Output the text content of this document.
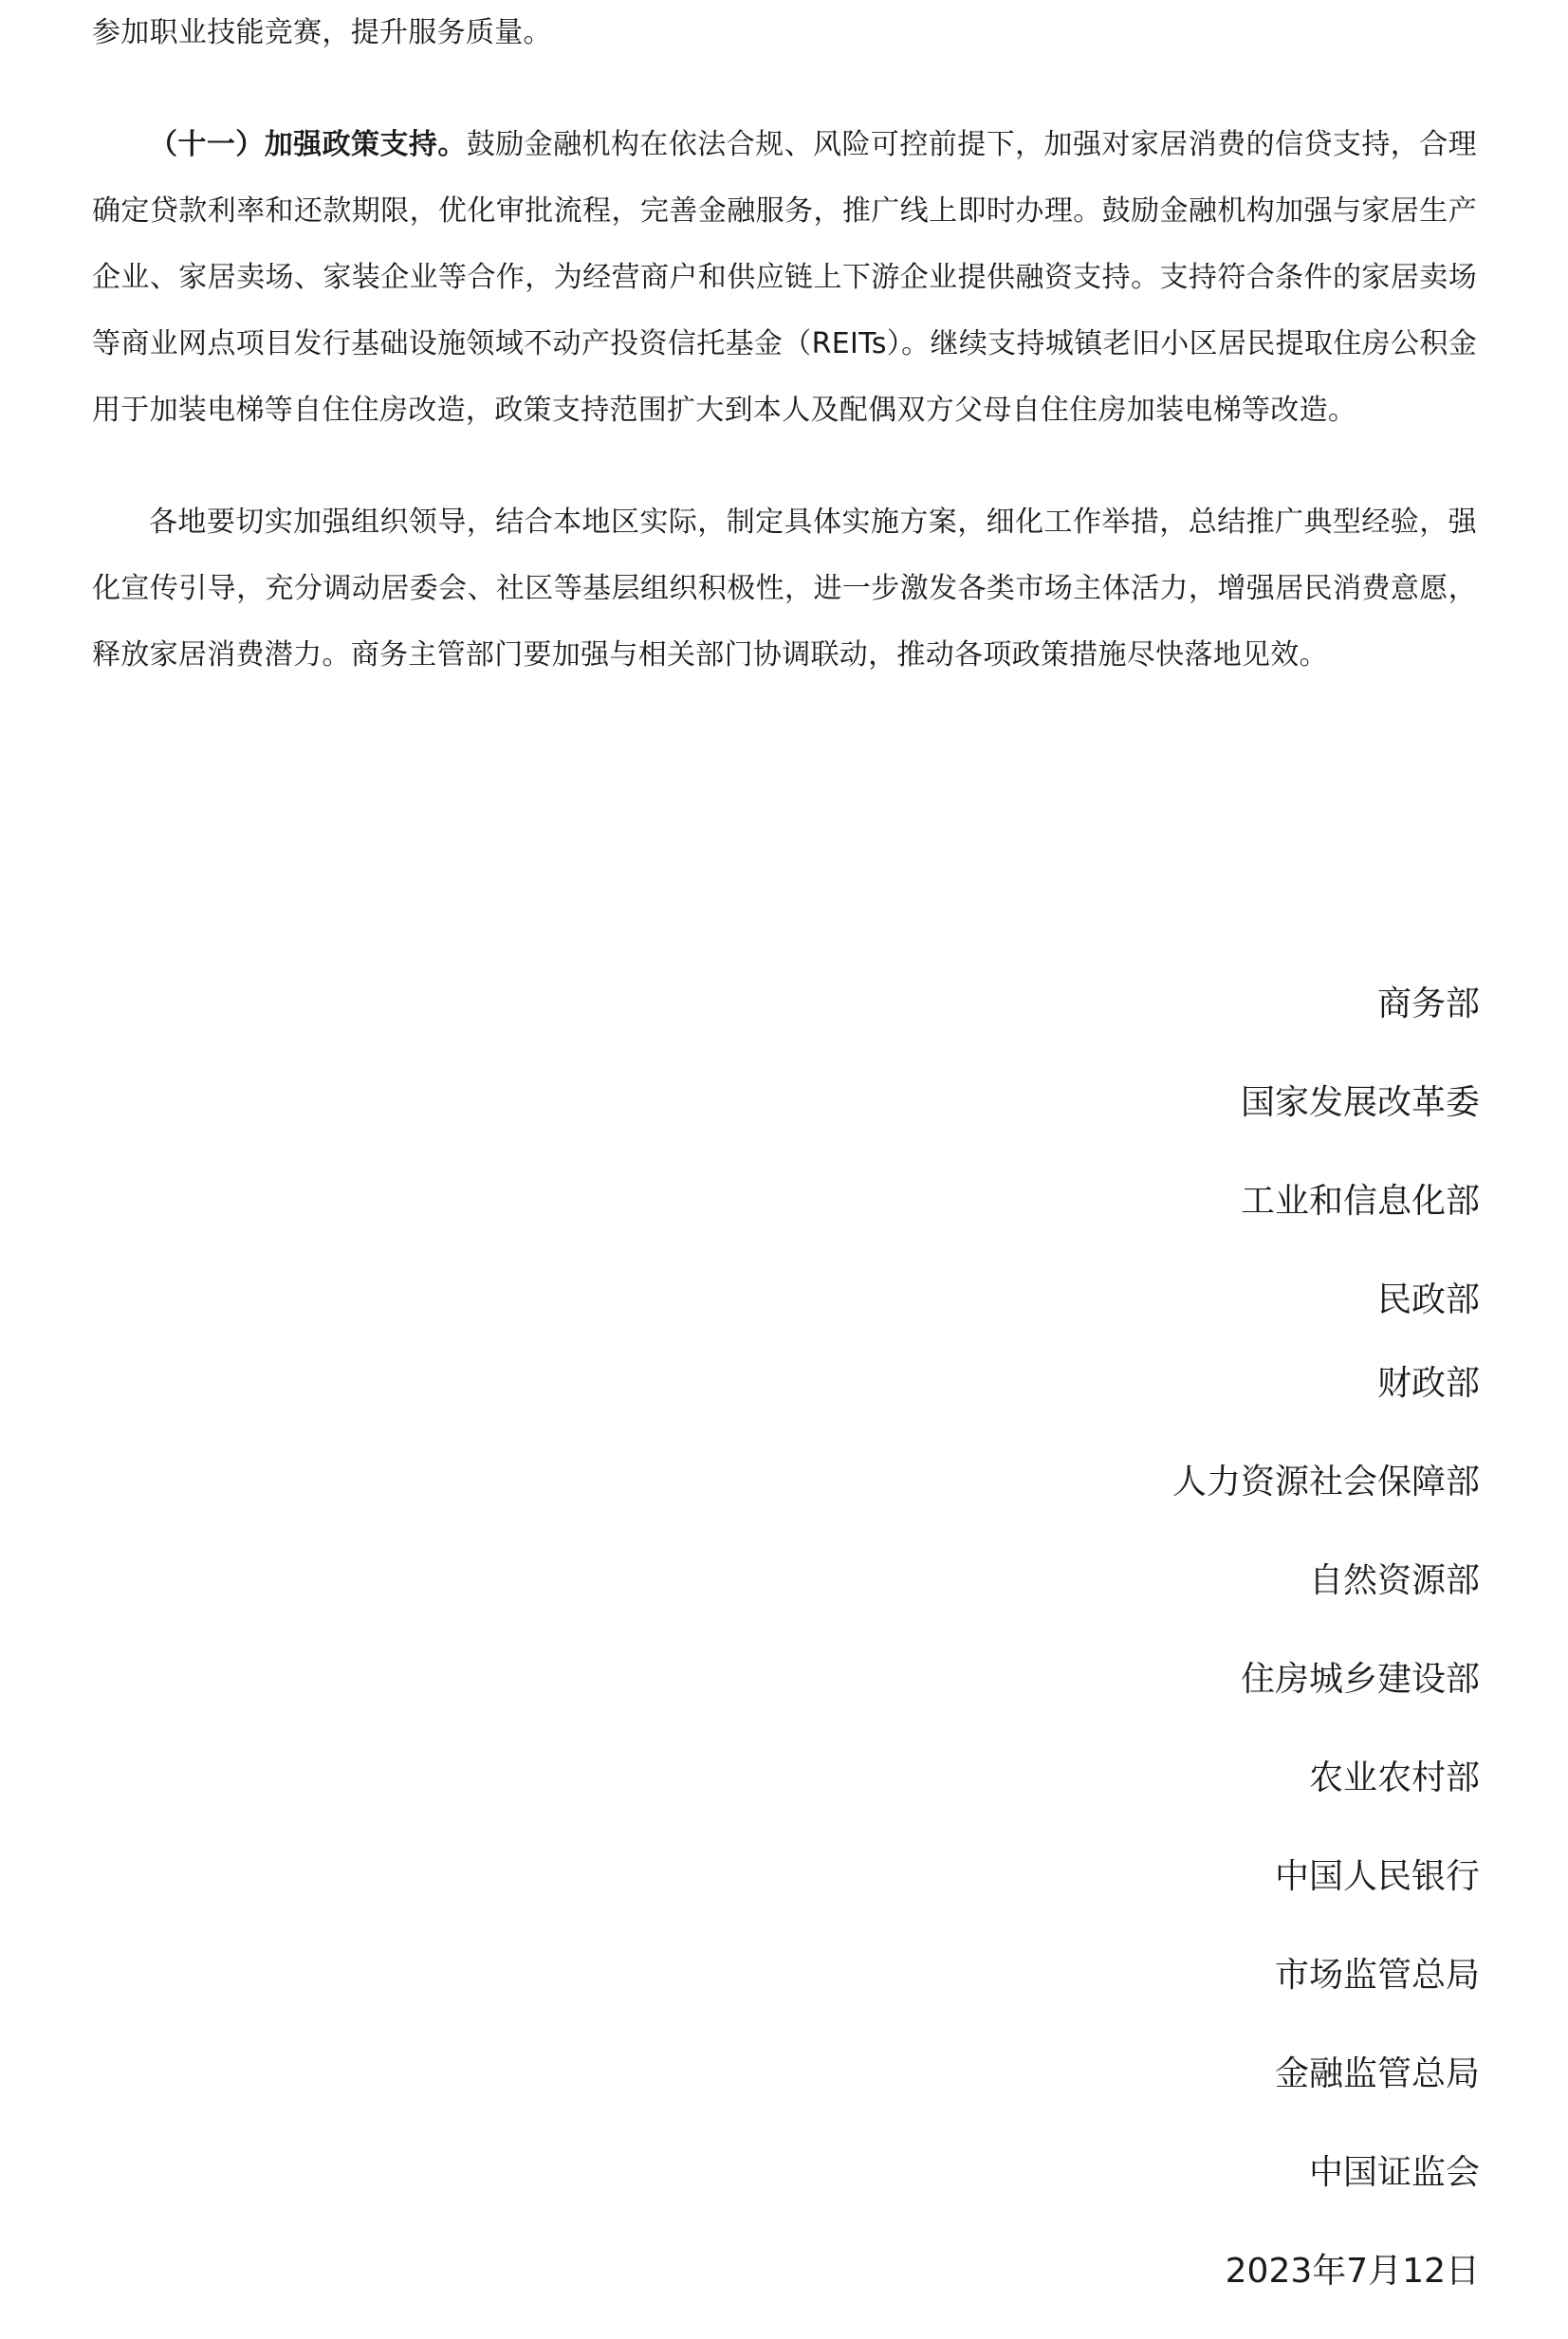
参加职业技能竞赛，提升服务质量。

（十一）加强政策支持。鼓励金融机构在依法合规、风险可控前提下，加强对家居消费的信贷支持，合理确定贷款利率和还款期限，优化审批流程，完善金融服务，推广线上即时办理。鼓励金融机构加强与家居生产企业、家居卖场、家装企业等合作，为经营商户和供应链上下游企业提供融资支持。支持符合条件的家居卖场等商业网点项目发行基础设施领域不动产投资信托基金（REITs）。继续支持城镇老旧小区居民提取住房公积金用于加装电梯等自住住房改造，政策支持范围扩大到本人及配偶双方父母自住住房加装电梯等改造。

各地要切实加强组织领导，结合本地区实际，制定具体实施方案，细化工作举措，总结推广典型经验，强化宣传引导，充分调动居委会、社区等基层组织积极性，进一步激发各类市场主体活力，增强居民消费意愿，释放家居消费潜力。商务主管部门要加强与相关部门协调联动，推动各项政策措施尽快落地见效。

商务部

国家发展改革委

工业和信息化部

民政部

财政部

人力资源社会保障部

自然资源部

住房城乡建设部

农业农村部

中国人民银行

市场监管总局

金融监管总局

中国证监会

2023年7月12日
